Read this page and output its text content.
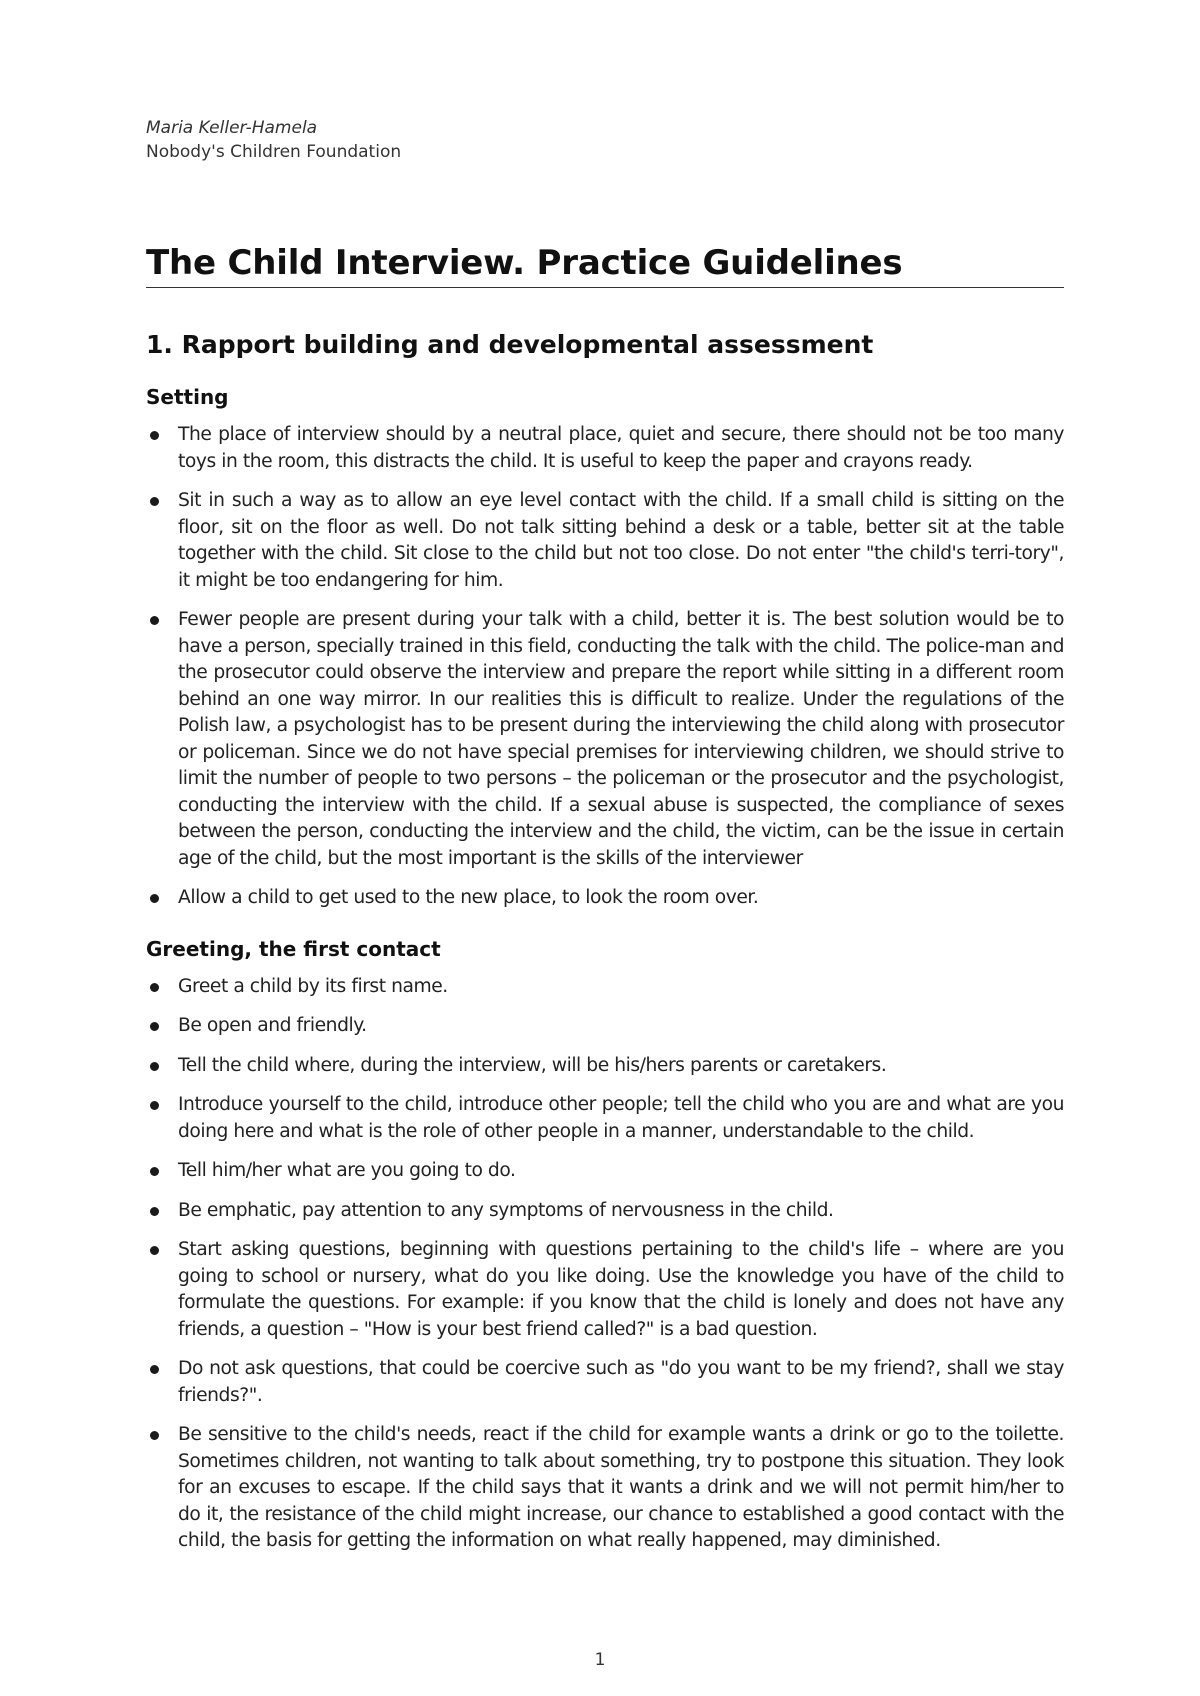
Maria Keller-Hamela

Nobody's Children Foundation

The Child Interview. Practice Guidelines
1. Rapport building and developmental assessment
Setting
The place of interview should by a neutral place, quiet and secure, there should not be too many toys in the room, this distracts the child. It is useful to keep the paper and crayons ready.
Sit in such a way as to allow an eye level contact with the child. If a small child is sitting on the floor, sit on the floor as well. Do not talk sitting behind a desk or a table, better sit at the table together with the child. Sit close to the child but not too close. Do not enter "the child's terri-tory", it might be too endangering for him.
Fewer people are present during your talk with a child, better it is. The best solution would be to have a person, specially trained in this field, conducting the talk with the child. The police-man and the prosecutor could observe the interview and prepare the report while sitting in a different room behind an one way mirror. In our realities this is difficult to realize. Under the regulations of the Polish law, a psychologist has to be present during the interviewing the child along with prosecutor or policeman. Since we do not have special premises for interviewing children, we should strive to limit the number of people to two persons – the policeman or the prosecutor and the psychologist, conducting the interview with the child. If a sexual abuse is suspected, the compliance of sexes between the person, conducting the interview and the child, the victim, can be the issue in certain age of the child, but the most important is the skills of the interviewer
Allow a child to get used to the new place, to look the room over.
Greeting, the first contact
Greet a child by its first name.
Be open and friendly.
Tell the child where, during the interview, will be his/hers parents or caretakers.
Introduce yourself to the child, introduce other people; tell the child who you are and what are you doing here and what is the role of other people in a manner, understandable to the child.
Tell him/her what are you going to do.
Be emphatic, pay attention to any symptoms of nervousness in the child.
Start asking questions, beginning with questions pertaining to the child's life – where are you going to school or nursery, what do you like doing. Use the knowledge you have of the child to formulate the questions. For example: if you know that the child is lonely and does not have any friends, a question – "How is your best friend called?" is a bad question.
Do not ask questions, that could be coercive such as "do you want to be my friend?, shall we stay friends?".
Be sensitive to the child's needs, react if the child for example wants a drink or go to the toilette. Sometimes children, not wanting to talk about something, try to postpone this situation. They look for an excuses to escape. If the child says that it wants a drink and we will not permit him/her to do it, the resistance of the child might increase, our chance to established a good contact with the child, the basis for getting the information on what really happened, may diminished.
1
